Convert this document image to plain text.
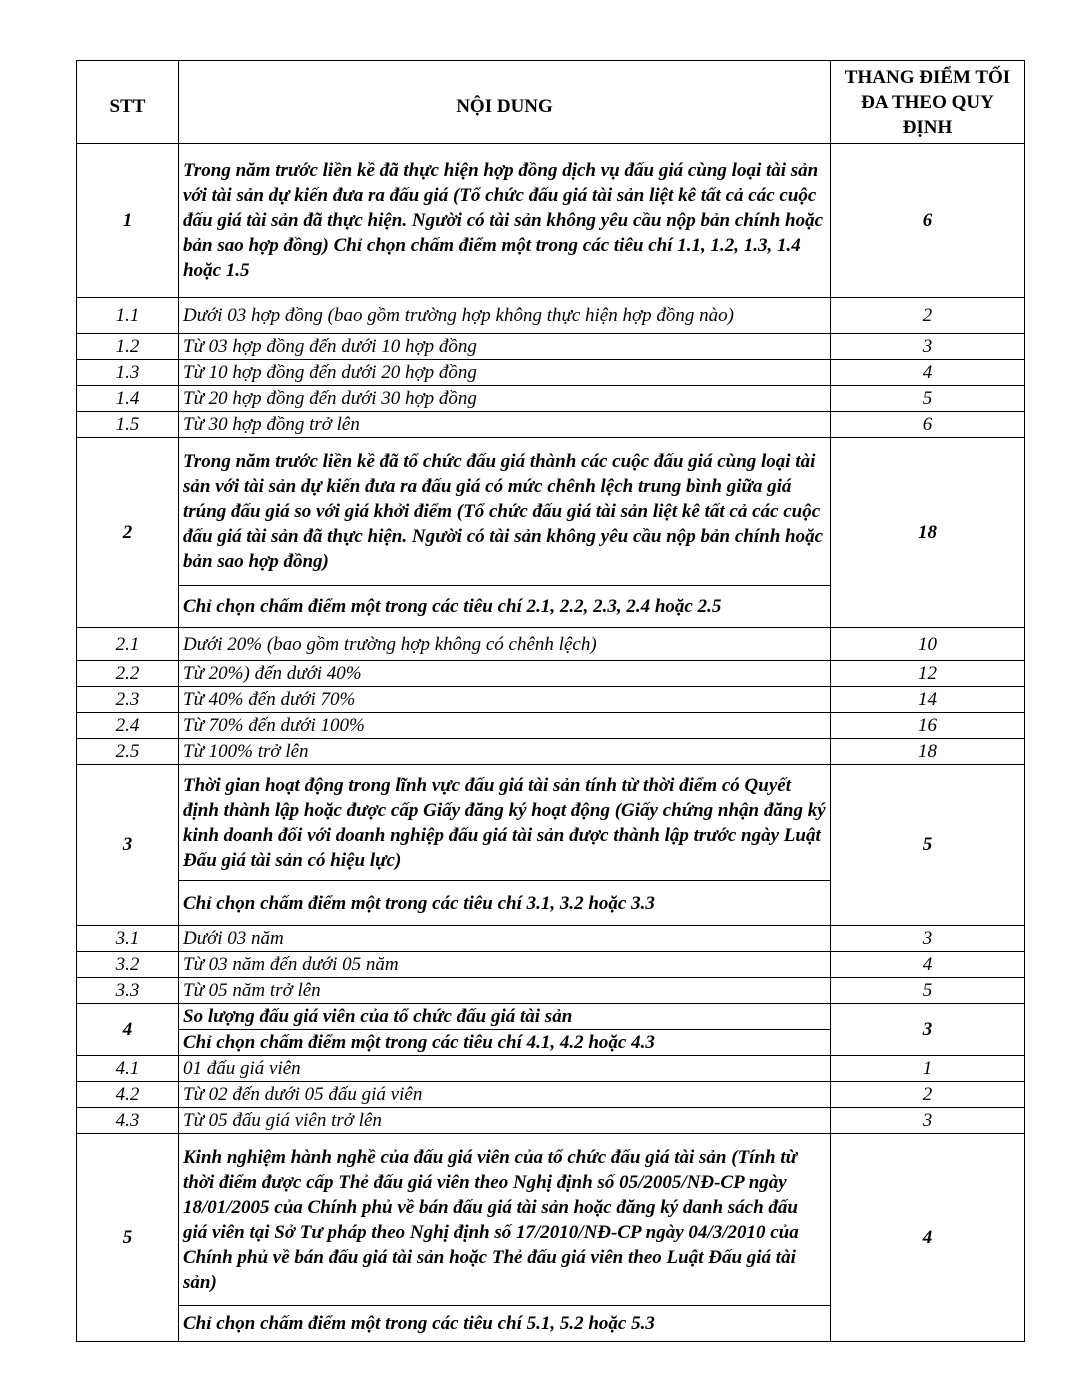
STT	NỘI DUNG	THANG ĐIỂM TỐI ĐA THEO QUY ĐỊNH
1	Trong năm trước liền kề đã thực hiện hợp đồng dịch vụ đấu giá cùng loại tài sản với tài sản dự kiến đưa ra đấu giá (Tổ chức đấu giá tài sản liệt kê tất cả các cuộc đấu giá tài sản đã thực hiện. Người có tài sản không yêu cầu nộp bản chính hoặc bản sao hợp đồng) Chỉ chọn chấm điểm một trong các tiêu chí 1.1, 1.2, 1.3, 1.4 hoặc 1.5	6
1.1	Dưới 03 hợp đồng (bao gồm trường hợp không thực hiện hợp đồng nào)	2
1.2	Từ 03 hợp đồng đến dưới 10 hợp đồng	3
1.3	Từ 10 hợp đồng đến dưới 20 hợp đồng	4
1.4	Từ 20 hợp đồng đến dưới 30 hợp đồng	5
1.5	Từ 30 hợp đồng trở lên	6
2	Trong năm trước liền kề đã tổ chức đấu giá thành các cuộc đấu giá cùng loại tài sản với tài sản dự kiến đưa ra đấu giá có mức chênh lệch trung bình giữa giá trúng đấu giá so với giá khởi điểm (Tổ chức đấu giá tài sản liệt kê tất cả các cuộc đấu giá tài sản đã thực hiện. Người có tài sản không yêu cầu nộp bản chính hoặc bản sao hợp đồng)	18
	Chỉ chọn chấm điểm một trong các tiêu chí 2.1, 2.2, 2.3, 2.4 hoặc 2.5	
2.1	Dưới 20% (bao gồm trường hợp không có chênh lệch)	10
2.2	Từ 20%) đến dưới 40%	12
2.3	Từ 40% đến dưới 70%	14
2.4	Từ 70% đến dưới 100%	16
2.5	Từ 100% trở lên	18
3	Thời gian hoạt động trong lĩnh vực đấu giá tài sản tính từ thời điểm có Quyết định thành lập hoặc được cấp Giấy đăng ký hoạt động (Giấy chứng nhận đăng ký kinh doanh đối với doanh nghiệp đấu giá tài sản được thành lập trước ngày Luật Đấu giá tài sản có hiệu lực)	5
	Chỉ chọn chấm điểm một trong các tiêu chí 3.1, 3.2 hoặc 3.3	
3.1	Dưới 03 năm	3
3.2	Từ 03 năm đến dưới 05 năm	4
3.3	Từ 05 năm trở lên	5
4	So lượng đấu giá viên của tổ chức đấu giá tài sản	3
	Chỉ chọn chấm điểm một trong các tiêu chí 4.1, 4.2 hoặc 4.3	
4.1	01 đấu giá viên	1
4.2	Từ 02 đến dưới 05 đấu giá viên	2
4.3	Từ 05 đấu giá viên trở lên	3
5	Kinh nghiệm hành nghề của đấu giá viên của tổ chức đấu giá tài sản (Tính từ thời điểm được cấp Thẻ đấu giá viên theo Nghị định số 05/2005/NĐ-CP ngày 18/01/2005 của Chính phủ về bán đấu giá tài sản hoặc đăng ký danh sách đấu giá viên tại Sở Tư pháp theo Nghị định số 17/2010/NĐ-CP ngày 04/3/2010 của Chính phủ về bán đấu giá tài sản hoặc Thẻ đấu giá viên theo Luật Đấu giá tài sản)	4
	Chỉ chọn chấm điểm một trong các tiêu chí 5.1, 5.2 hoặc 5.3	
